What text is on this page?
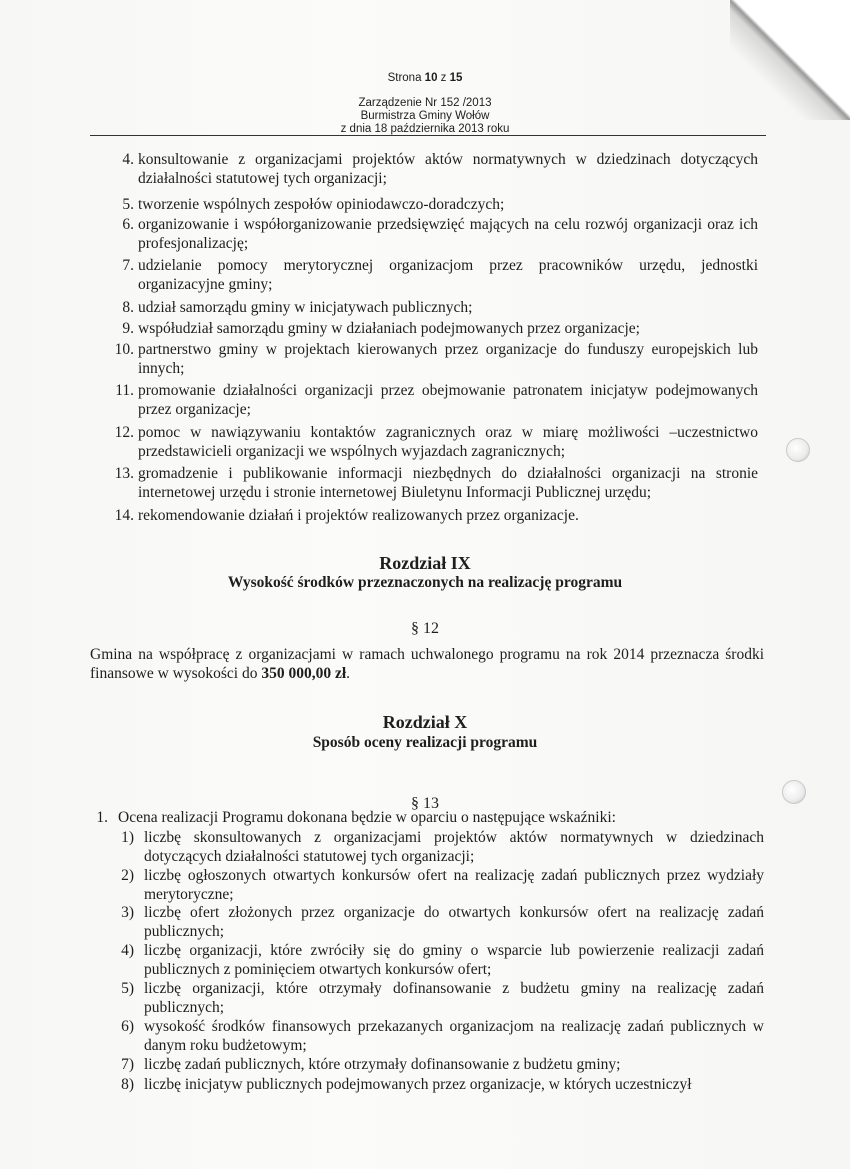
Strona 10 z 15
Zarządzenie Nr 152 /2013
Burmistrza Gminy Wołów
z dnia 18 października 2013 roku
4. konsultowanie z organizacjami projektów aktów normatywnych w dziedzinach dotyczących działalności statutowej tych organizacji;
5. tworzenie wspólnych zespołów opiniodawczo-doradczych;
6. organizowanie i współorganizowanie przedsięwzięć mających na celu rozwój organizacji oraz ich profesjonalizację;
7. udzielanie pomocy merytorycznej organizacjom przez pracowników urzędu, jednostki organizacyjne gminy;
8. udział samorządu gminy w inicjatywach publicznych;
9. współudział samorządu gminy w działaniach podejmowanych przez organizacje;
10. partnerstwo gminy w projektach kierowanych przez organizacje do funduszy europejskich lub innych;
11. promowanie działalności organizacji przez obejmowanie patronatem inicjatyw podejmowanych przez organizacje;
12. pomoc w nawiązywaniu kontaktów zagranicznych oraz w miarę możliwości –uczestnictwo przedstawicieli organizacji we wspólnych wyjazdach zagranicznych;
13. gromadzenie i publikowanie informacji niezbędnych do działalności organizacji na stronie internetowej urzędu i stronie internetowej Biuletynu Informacji Publicznej urzędu;
14. rekomendowanie działań i projektów realizowanych przez organizacje.
Rozdział IX
Wysokość środków przeznaczonych na realizację programu
§ 12
Gmina na współpracę z organizacjami w ramach uchwalonego programu na rok 2014 przeznacza środki finansowe w wysokości do 350 000,00 zł.
Rozdział X
Sposób oceny realizacji programu
§ 13
1. Ocena realizacji Programu dokonana będzie w oparciu o następujące wskaźniki:
1) liczbę skonsultowanych z organizacjami projektów aktów normatywnych w dziedzinach dotyczących działalności statutowej tych organizacji;
2) liczbę ogłoszonych otwartych konkursów ofert na realizację zadań publicznych przez wydziały merytoryczne;
3) liczbę ofert złożonych przez organizacje do otwartych konkursów ofert na realizację zadań publicznych;
4) liczbę organizacji, które zwróciły się do gminy o wsparcie lub powierzenie realizacji zadań publicznych z pominięciem otwartych konkursów ofert;
5) liczbę organizacji, które otrzymały dofinansowanie z budżetu gminy na realizację zadań publicznych;
6) wysokość środków finansowych przekazanych organizacjom na realizację zadań publicznych w danym roku budżetowym;
7) liczbę zadań publicznych, które otrzymały dofinansowanie z budżetu gminy;
8) liczbę inicjatyw publicznych podejmowanych przez organizacje, w których uczestniczył
